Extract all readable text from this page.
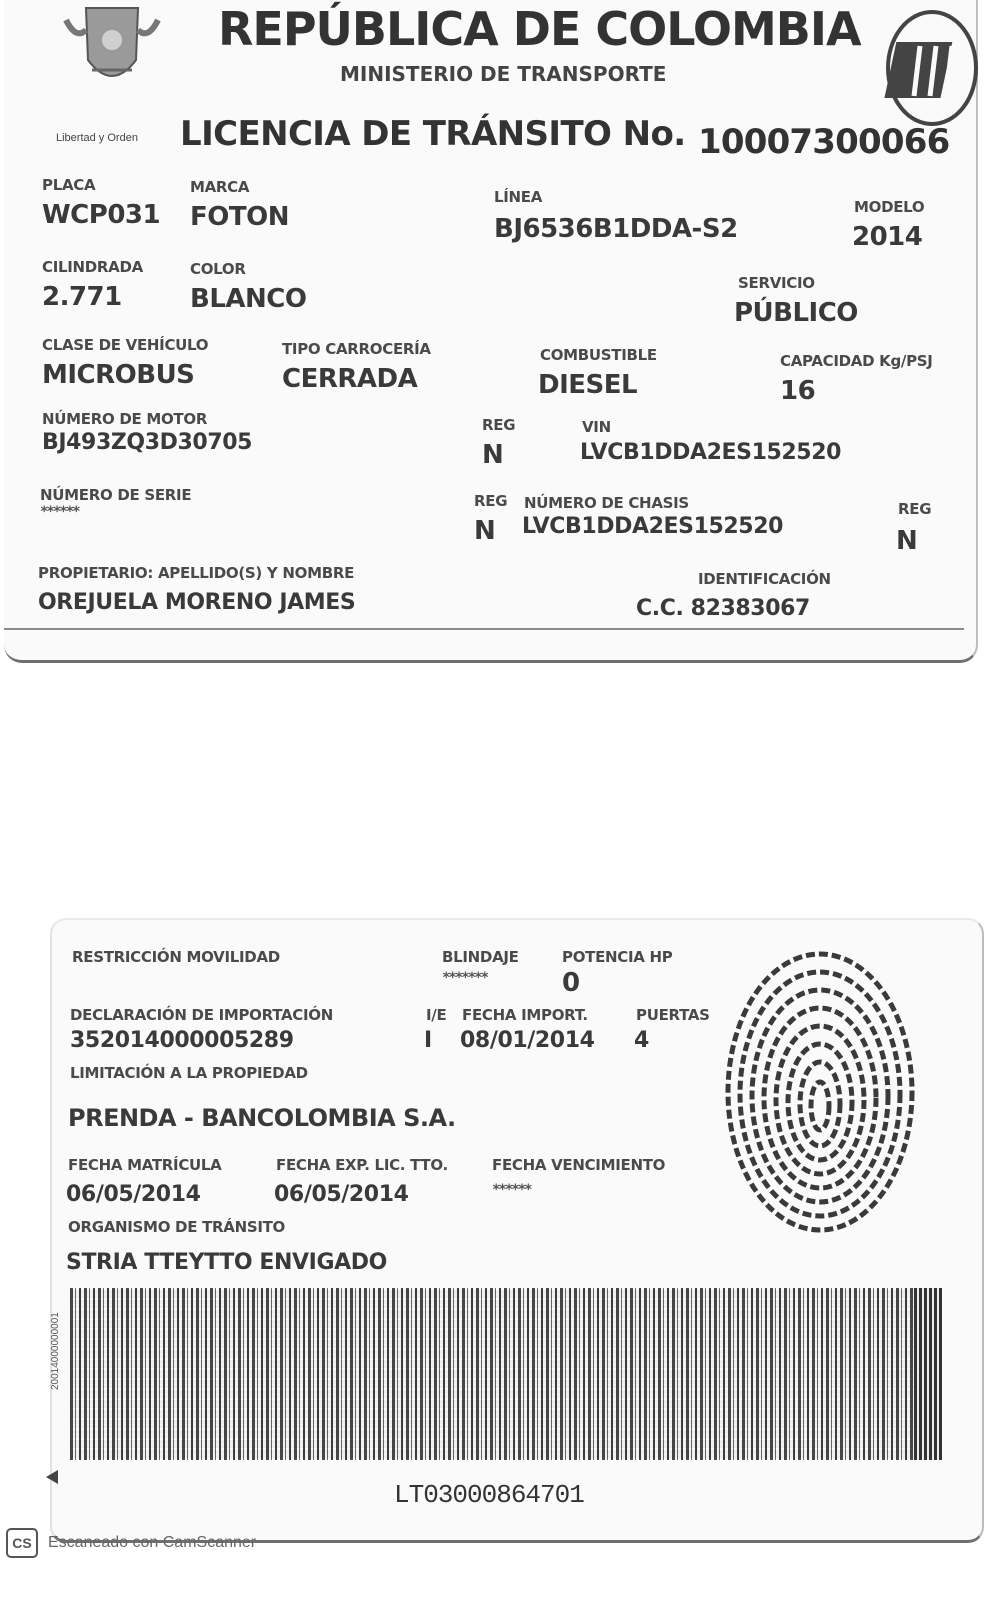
Libertad y Orden
REPÚBLICA DE COLOMBIA
MINISTERIO DE TRANSPORTE
LICENCIA DE TRÁNSITO No. 10007300066
PLACA
WCP031
MARCA
FOTON
LÍNEA
BJ6536B1DDA-S2
MODELO
2014
CILINDRADA
2.771
COLOR
BLANCO
SERVICIO
PÚBLICO
CLASE DE VEHÍCULO
MICROBUS
TIPO CARROCERÍA
CERRADA
COMBUSTIBLE
DIESEL
CAPACIDAD Kg/PSJ
16
NÚMERO DE MOTOR
BJ493ZQ3D30705
REG
N
VIN
LVCB1DDA2ES152520
NÚMERO DE SERIE
******
REG
N
NÚMERO DE CHASIS
LVCB1DDA2ES152520
REG
N
PROPIETARIO: APELLIDO(S) Y NOMBRE
OREJUELA MORENO JAMES
IDENTIFICACIÓN
C.C. 82383067
RESTRICCIÓN MOVILIDAD	BLINDAJE
*******
POTENCIA HP
0
DECLARACIÓN DE IMPORTACIÓN
352014000005289
I/E
I
FECHA IMPORT.
08/01/2014
PUERTAS
4
LIMITACIÓN A LA PROPIEDAD
PRENDA - BANCOLOMBIA S.A.
FECHA MATRÍCULA
06/05/2014
FECHA EXP. LIC. TTO.
06/05/2014
FECHA VENCIMIENTO
******
ORGANISMO DE TRÁNSITO
STRIA TTEYTTO ENVIGADO
20014000000001
LT03000864701
CS	Escaneado con CamScanner
